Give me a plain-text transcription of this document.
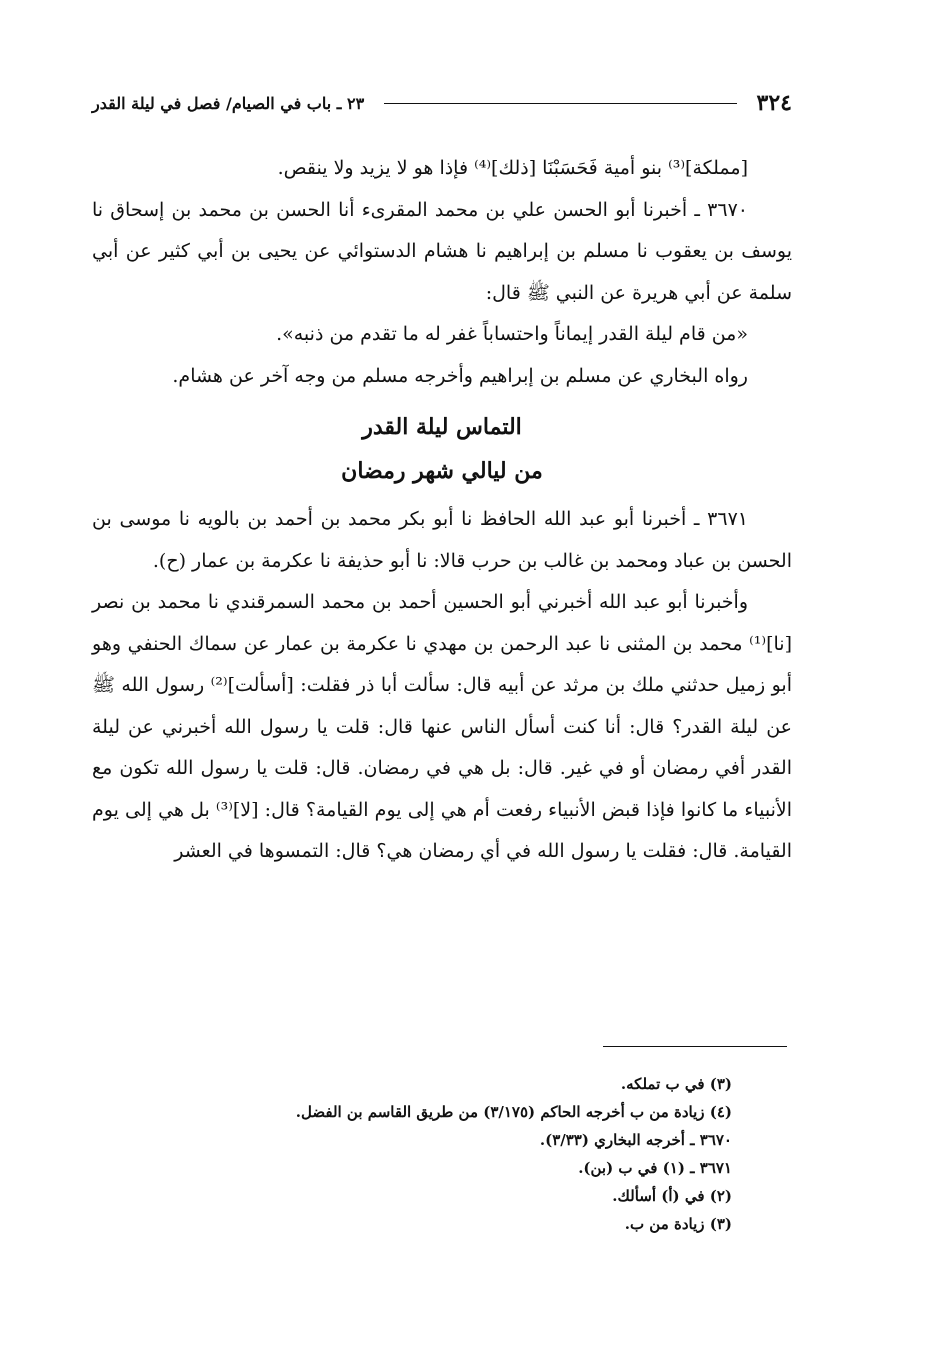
٣٢٤
٢٣ ـ باب في الصيام/ فصل في ليلة القدر

[مملكة]⁽³⁾ بنو أمية فَحَسَبْنَا [ذلك]⁽⁴⁾ فإذا هو لا يزيد ولا ينقص.

٣٦٧٠ ـ أخبرنا أبو الحسن علي بن محمد المقرىء أنا الحسن بن محمد بن إسحاق نا يوسف بن يعقوب نا مسلم بن إبراهيم نا هشام الدستوائي عن يحيى بن أبي كثير عن أبي سلمة عن أبي هريرة عن النبي ﷺ قال:

«من قام ليلة القدر إيماناً واحتساباً غفر له ما تقدم من ذنبه».

رواه البخاري عن مسلم بن إبراهيم وأخرجه مسلم من وجه آخر عن هشام.

التماس ليلة القدر
من ليالي شهر رمضان

٣٦٧١ ـ أخبرنا أبو عبد الله الحافظ نا أبو بكر محمد بن أحمد بن بالويه نا موسى بن الحسن بن عباد ومحمد بن غالب بن حرب قالا: نا أبو حذيفة نا عكرمة بن عمار (ح).

وأخبرنا أبو عبد الله أخبرني أبو الحسين أحمد بن محمد السمرقندي نا محمد بن نصر [نا]⁽¹⁾ محمد بن المثنى نا عبد الرحمن بن مهدي نا عكرمة بن عمار عن سماك الحنفي وهو أبو زميل حدثني ملك بن مرثد عن أبيه قال: سألت أبا ذر فقلت: [أسألت]⁽²⁾ رسول الله ﷺ عن ليلة القدر؟ قال: أنا كنت أسأل الناس عنها قال: قلت يا رسول الله أخبرني عن ليلة القدر أفي رمضان أو في غير. قال: بل هي في رمضان. قال: قلت يا رسول الله تكون مع الأنبياء ما كانوا فإذا قبض الأنبياء رفعت أم هي إلى يوم القيامة؟ قال: [لا]⁽³⁾ بل هي إلى يوم القيامة. قال: فقلت يا رسول الله في أي رمضان هي؟ قال: التمسوها في العشر

(٣) في ب تملكه.
(٤) زيادة من ب أخرجه الحاكم (٣/١٧٥) من طريق القاسم بن الفضل.
٣٦٧٠ ـ أخرجه البخاري (٣/٣٣).
٣٦٧١ ـ (١) في ب (بن).
(٢) في (أ) أسألك.
(٣) زيادة من ب.
